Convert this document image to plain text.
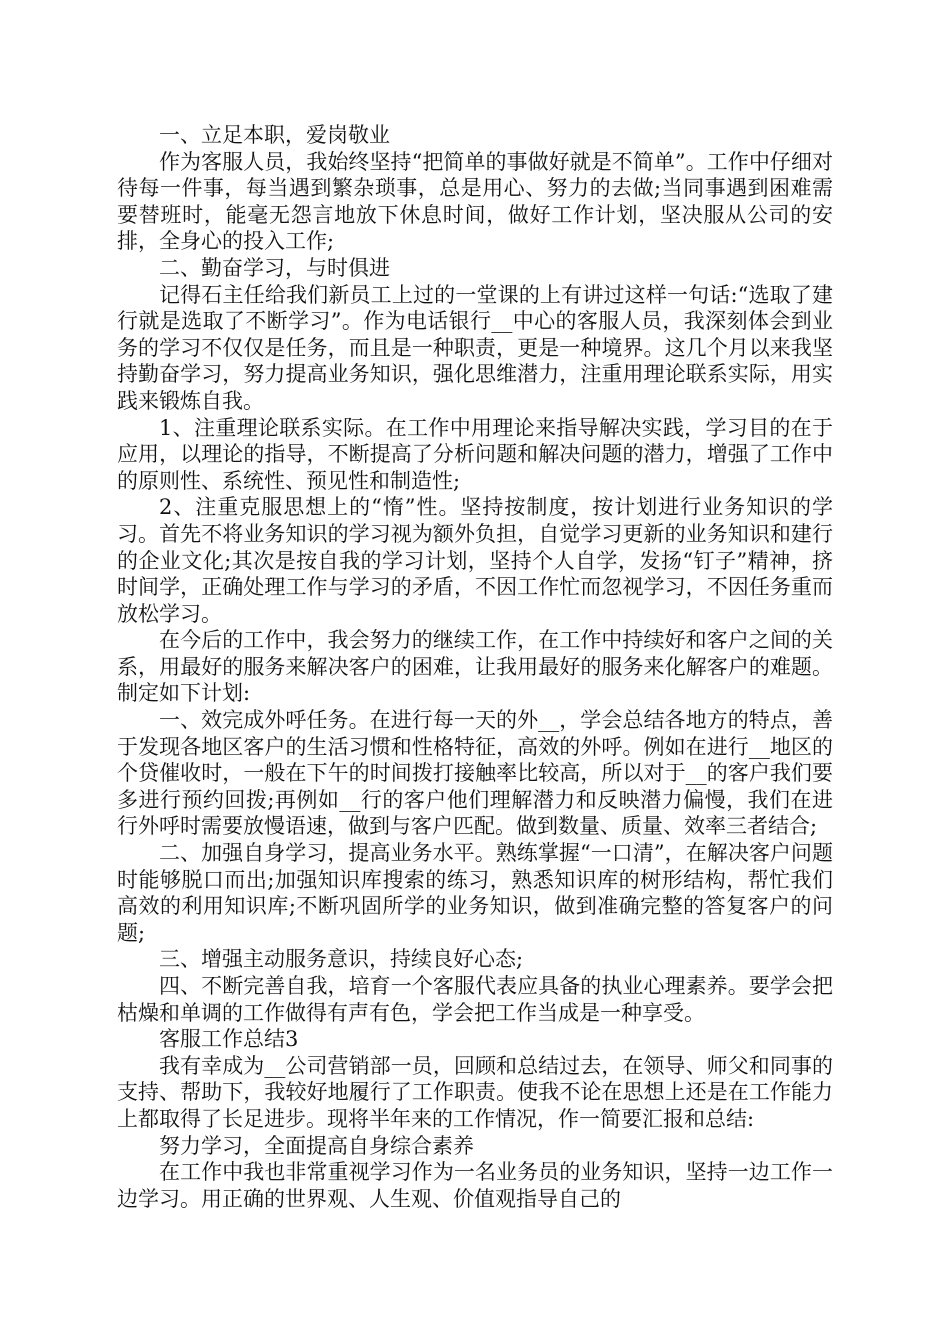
一、立足本职，爱岗敬业

作为客服人员，我始终坚持“把简单的事做好就是不简单”。工作中仔细对待每一件事，每当遇到繁杂琐事，总是用心、努力的去做;当同事遇到困难需要替班时，能毫无怨言地放下休息时间，做好工作计划，坚决服从公司的安排，全身心的投入工作;

二、勤奋学习，与时俱进

记得石主任给我们新员工上过的一堂课的上有讲过这样一句话:“选取了建行就是选取了不断学习”。作为电话银行__中心的客服人员，我深刻体会到业务的学习不仅仅是任务，而且是一种职责，更是一种境界。这几个月以来我坚持勤奋学习，努力提高业务知识，强化思维潜力，注重用理论联系实际，用实践来锻炼自我。

1、注重理论联系实际。在工作中用理论来指导解决实践，学习目的在于应用，以理论的指导，不断提高了分析问题和解决问题的潜力，增强了工作中的原则性、系统性、预见性和制造性;

2、注重克服思想上的“惰”性。坚持按制度，按计划进行业务知识的学习。首先不将业务知识的学习视为额外负担，自觉学习更新的业务知识和建行的企业文化;其次是按自我的学习计划，坚持个人自学，发扬“钉子”精神，挤时间学，正确处理工作与学习的矛盾，不因工作忙而忽视学习，不因任务重而放松学习。

在今后的工作中，我会努力的继续工作，在工作中持续好和客户之间的关系，用最好的服务来解决客户的困难，让我用最好的服务来化解客户的难题。制定如下计划:

一、效完成外呼任务。在进行每一天的外__，学会总结各地方的特点，善于发现各地区客户的生活习惯和性格特征，高效的外呼。例如在进行__地区的个贷催收时，一般在下午的时间拨打接触率比较高，所以对于__的客户我们要多进行预约回拨;再例如__行的客户他们理解潜力和反映潜力偏慢，我们在进行外呼时需要放慢语速，做到与客户匹配。做到数量、质量、效率三者结合;

二、加强自身学习，提高业务水平。熟练掌握“一口清”，在解决客户问题时能够脱口而出;加强知识库搜索的练习，熟悉知识库的树形结构，帮忙我们高效的利用知识库;不断巩固所学的业务知识，做到准确完整的答复客户的问题;

三、增强主动服务意识，持续良好心态;

四、不断完善自我，培育一个客服代表应具备的执业心理素养。要学会把枯燥和单调的工作做得有声有色，学会把工作当成是一种享受。

客服工作总结3

我有幸成为__公司营销部一员，回顾和总结过去，在领导、师父和同事的支持、帮助下，我较好地履行了工作职责。使我不论在思想上还是在工作能力上都取得了长足进步。现将半年来的工作情况，作一简要汇报和总结:

努力学习，全面提高自身综合素养

在工作中我也非常重视学习作为一名业务员的业务知识，坚持一边工作一边学习。用正确的世界观、人生观、价值观指导自己的
